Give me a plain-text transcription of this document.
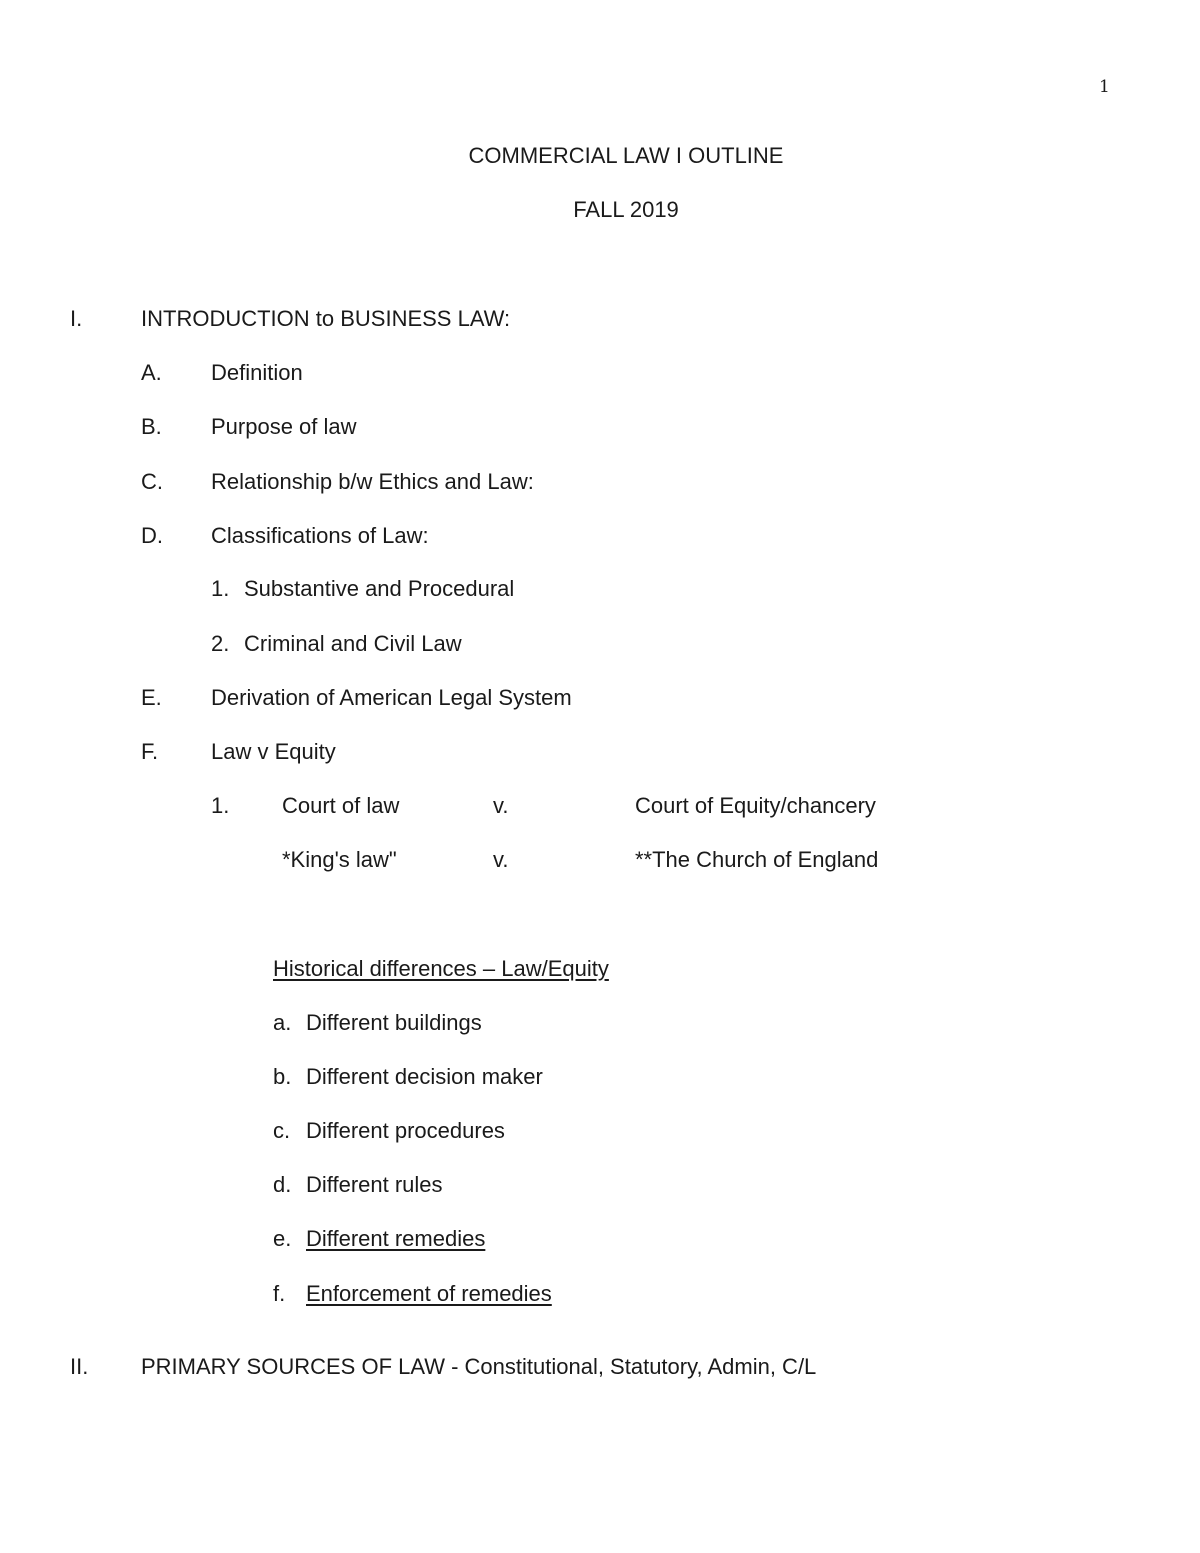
1
COMMERCIAL LAW I OUTLINE
FALL 2019
I.	INTRODUCTION to BUSINESS LAW:
A. Definition
B. Purpose of law
C. Relationship b/w Ethics and Law:
D. Classifications of Law:
1. Substantive and Procedural
2. Criminal and Civil Law
E. Derivation of American Legal System
F. Law v Equity
1. Court of law	v.	Court of Equity/chancery
*King's law"	v.	**The Church of England
Historical differences – Law/Equity
a. Different buildings
b. Different decision maker
c. Different procedures
d. Different rules
e. Different remedies
f. Enforcement of remedies
II. PRIMARY SOURCES OF LAW - Constitutional, Statutory, Admin, C/L
